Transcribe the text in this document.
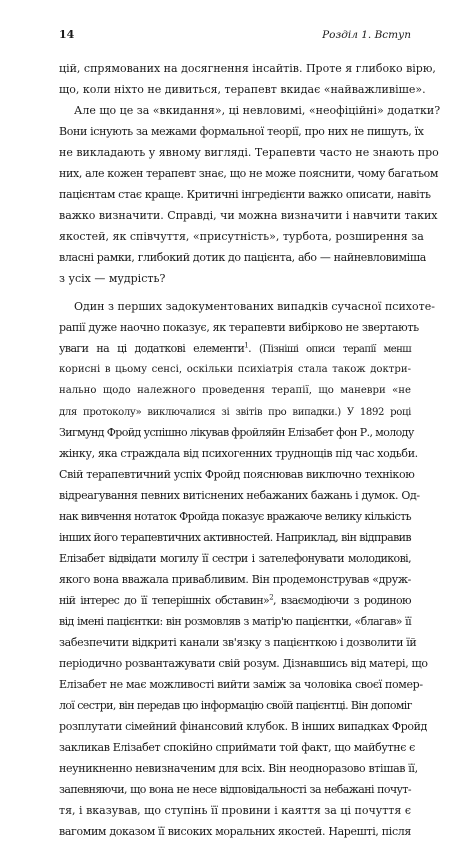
14	Розділ 1. Вступ
цій, спрямованих на досягнення інсайтів. Проте я глибоко вірю,
що, коли ніхто не дивиться, терапевт вкидає «найважливіше».
Але що це за «вкидання», ці невловимі, «неофіційні» додатки?
Вони існують за межами формальної теорії, про них не пишуть, їх
не викладають у явному вигляді. Терапевти часто не знають про
них, але кожен терапевт знає, що не може пояснити, чому багатьом
пацієнтам стає краще. Критичні інгредієнти важко описати, навіть
важко визначити. Справді, чи можна визначити і навчити таких
якостей, як співчуття, «присутність», турбота, розширення за
власні рамки, глибокий дотик до пацієнта, або — найневловиміша
з усіх — мудрість?
Один з перших задокументованих випадків сучасної психоте-
рапії дуже наочно показує, як терапевти вибірково не звертають
уваги на ці додаткові елементи$^1$. (Пізніші описи терапії менш
корисні в цьому сенсі, оскільки психіатрія стала також доктри-
нально щодо належного проведення терапії, що маневри «не
для протоколу» виключалися зі звітів про випадки.) У 1892 році
Зигмунд Фройд успішно лікував фройляйн Елізабет фон Р., молоду
жінку, яка страждала від психогенних труднощів під час ходьби.
Свій терапевтичний успіх Фройд пояснював виключно технікою
відреагування певних витіснених небажаних бажань і думок. Од-
нак вивчення нотаток Фройда показує вражаюче велику кількість
інших його терапевтичних активностей. Наприклад, він відправив
Елізабет відвідати могилу її сестри і зателефонувати молодикові,
якого вона вважала привабливим. Він продемонстрував «друж-
ній інтерес до її теперішніх обставин»$^2$, взаємодіючи з родиною
від імені пацієнтки: він розмовляв з матір'ю пацієнтки, «благав» її
забезпечити відкриті канали зв'язку з пацієнткою і дозволити їй
періодично розвантажувати свій розум. Дізнавшись від матері, що
Елізабет не має можливості вийти заміж за чоловіка своєї помер-
лої сестри, він передав цю інформацію своїй пацієнтці. Він допоміг
розплутати сімейний фінансовий клубок. В інших випадках Фройд
закликав Елізабет спокійно сприймати той факт, що майбутнє є
неуникненно невизначеним для всіх. Він неодноразово втішав її,
запевняючи, що вона не несе відповідальності за небажані почут-
тя, і вказував, що ступінь її провини і каяття за ці почуття є
вагомим доказом її високих моральних якостей. Нарешті, після
